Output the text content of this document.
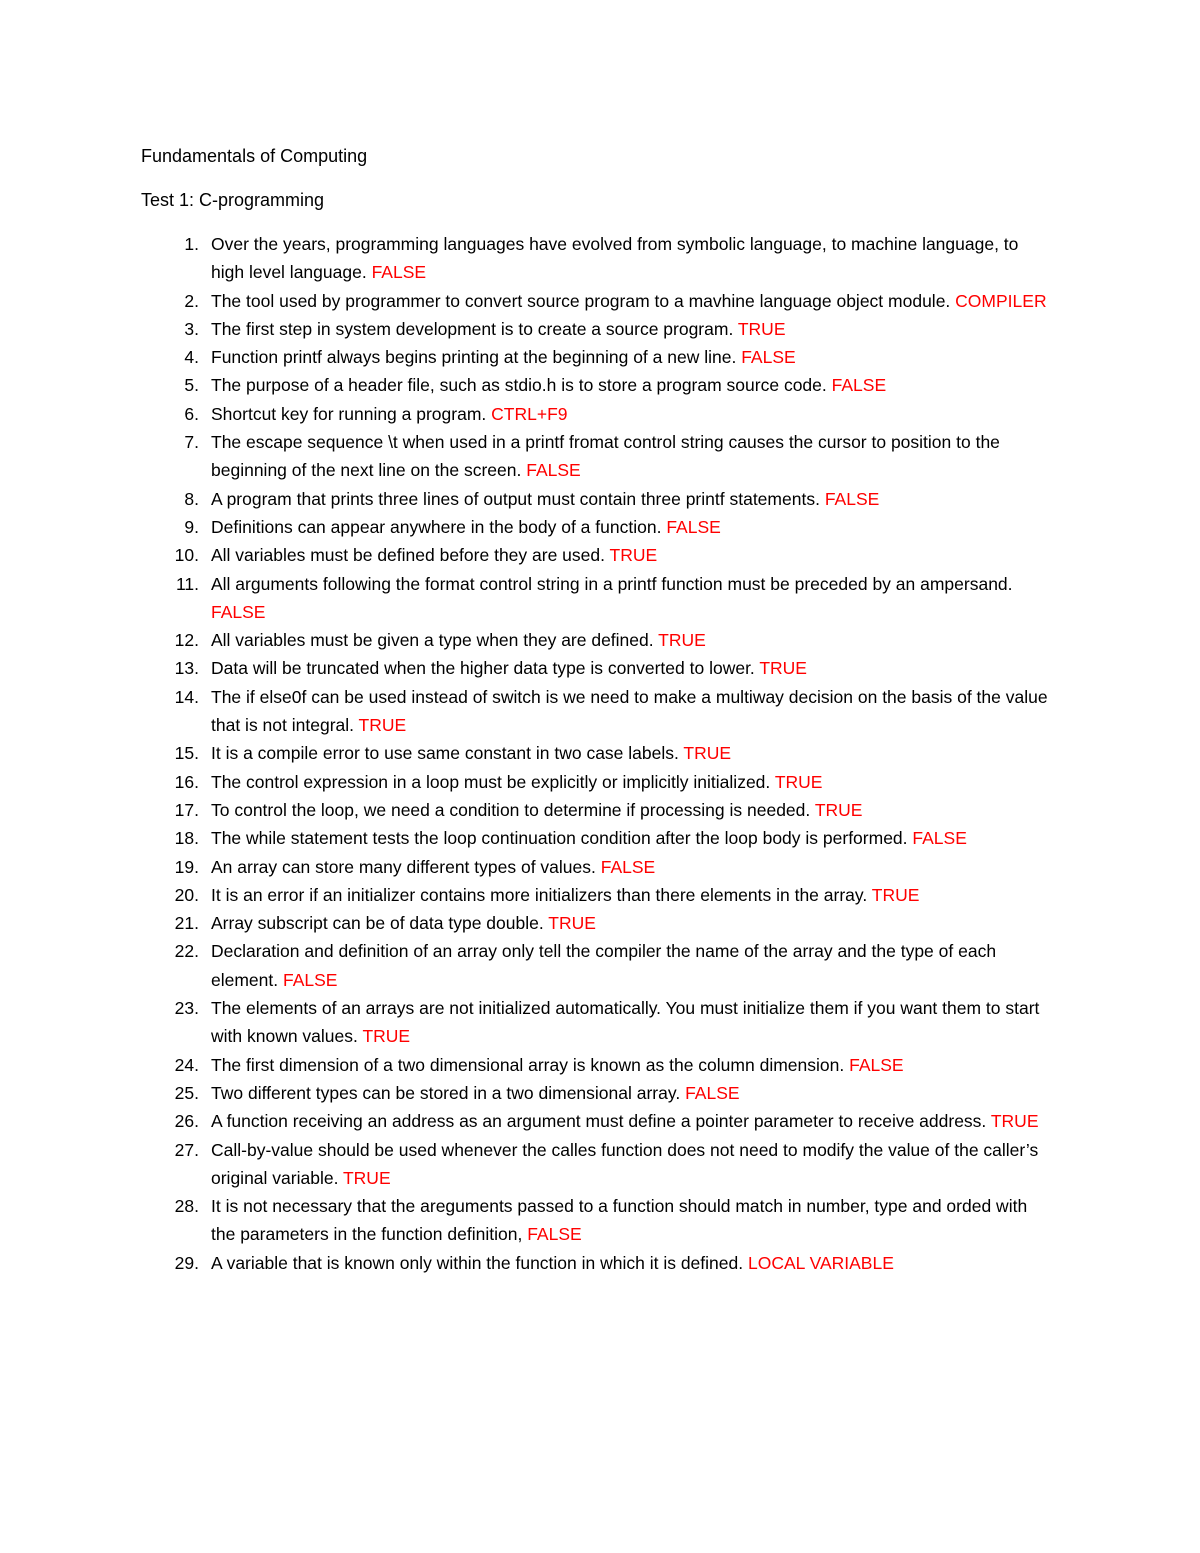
Fundamentals of Computing

Test 1: C-programming

1. Over the years, programming languages have evolved from symbolic language, to machine language, to high level language. FALSE
2. The tool used by programmer to convert source program to a mavhine language object module. COMPILER
3. The first step in system development is to create a source program. TRUE
4. Function printf always begins printing at the beginning of a new line. FALSE
5. The purpose of a header file, such as stdio.h is to store a program source code. FALSE
6. Shortcut key for running a program. CTRL+F9
7. The escape sequence \t when used in a printf fromat control string causes the cursor to position to the beginning of the next line on the screen. FALSE
8. A program that prints three lines of output must contain three printf statements. FALSE
9. Definitions can appear anywhere in the body of a function. FALSE
10. All variables must be defined before they are used. TRUE
11. All arguments following the format control string in a printf function must be preceded by an ampersand. FALSE
12. All variables must be given a type when they are defined. TRUE
13. Data will be truncated when the higher data type is converted to lower. TRUE
14. The if else0f can be used instead of switch is we need to make a multiway decision on the basis of the value that is not integral. TRUE
15. It is a compile error to use same constant in two case labels. TRUE
16. The control expression in a loop must be explicitly or implicitly initialized. TRUE
17. To control the loop, we need a condition to determine if processing is needed. TRUE
18. The while statement tests the loop continuation condition after the loop body is performed. FALSE
19. An array can store many different types of values. FALSE
20. It is an error if an initializer contains more initializers than there elements in the array. TRUE
21. Array subscript can be of data type double. TRUE
22. Declaration and definition of an array only tell the compiler the name of the array and the type of each element. FALSE
23. The elements of an arrays are not initialized automatically. You must initialize them if you want them to start with known values. TRUE
24. The first dimension of a two dimensional array is known as the column dimension. FALSE
25. Two different types can be stored in a two dimensional array. FALSE
26. A function receiving an address as an argument must define a pointer parameter to receive address. TRUE
27. Call-by-value should be used whenever the calles function does not need to modify the value of the caller’s original variable. TRUE
28. It is not necessary that the areguments passed to a function should match in number, type and orded with the parameters in the function definition, FALSE
29. A variable that is known only within the function in which it is defined. LOCAL VARIABLE
